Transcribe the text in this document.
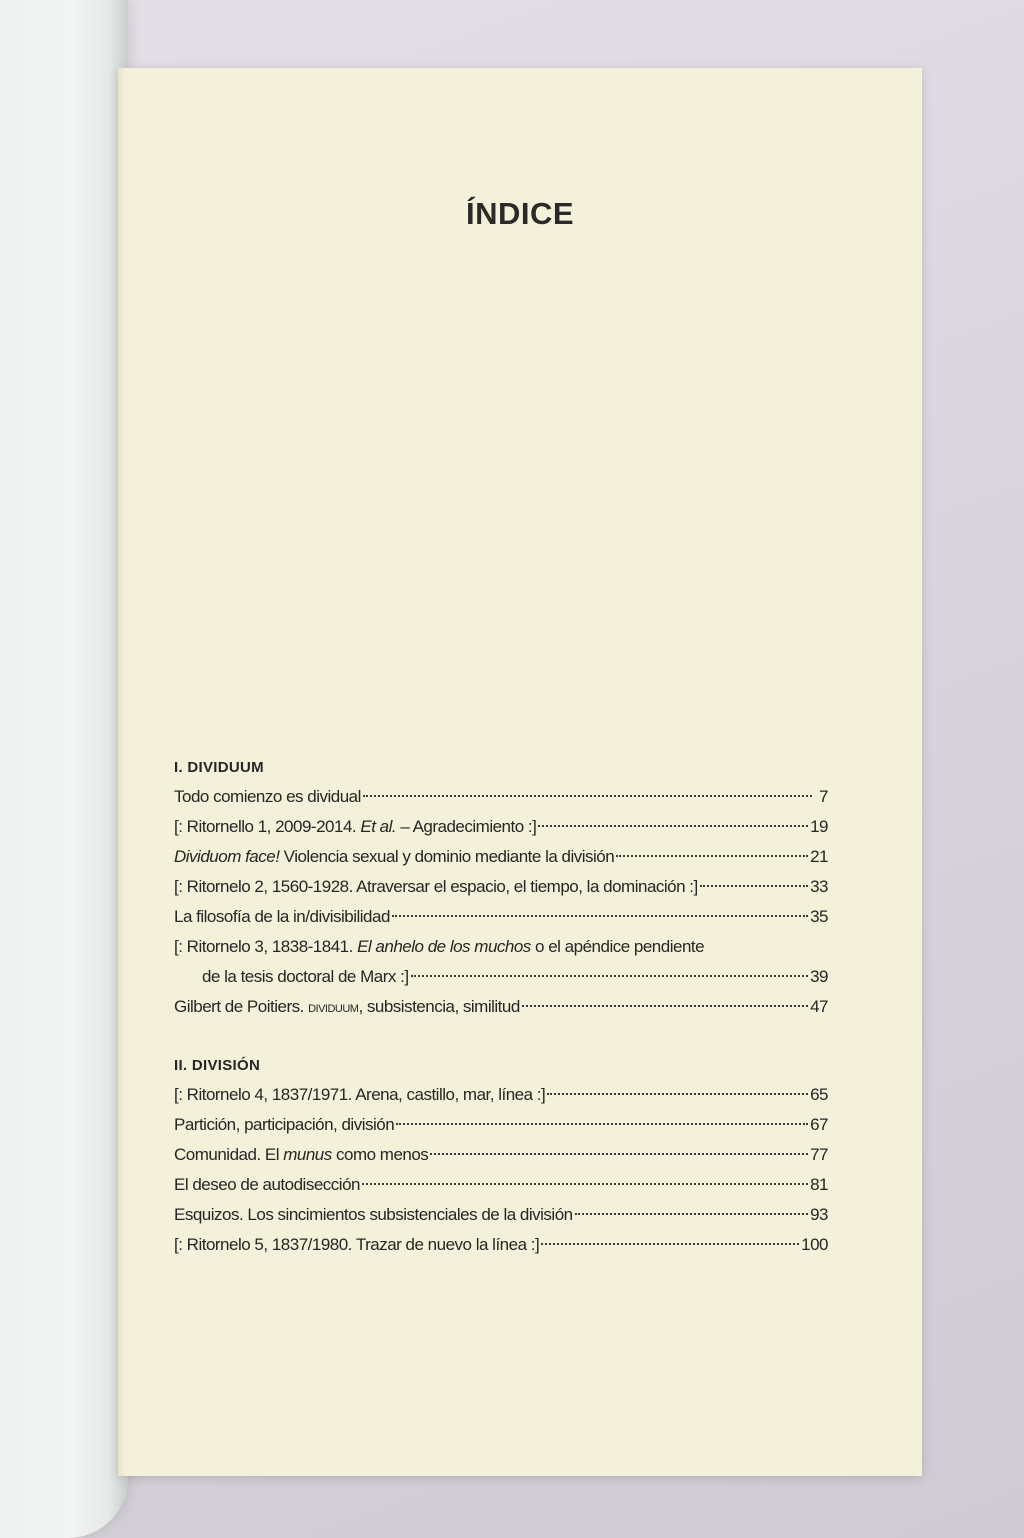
ÍNDICE
I. DIVIDUUM
Todo comienzo es dividual	7
[: Ritornello 1, 2009-2014. Et al. – Agradecimiento :]	19
Dividuom face! Violencia sexual y dominio mediante la división	21
[: Ritornelo 2, 1560-1928. Atraversar el espacio, el tiempo, la dominación :]	33
La filosofía de la in/divisibilidad	35
[: Ritornelo 3, 1838-1841. El anhelo de los muchos o el apéndice pendiente
de la tesis doctoral de Marx :]	39
Gilbert de Poitiers. dividuum, subsistencia, similitud	47
II. DIVISIÓN
[: Ritornelo 4, 1837/1971. Arena, castillo, mar, línea :]	65
Partición, participación, división	67
Comunidad. El munus como menos	77
El deseo de autodisección	81
Esquizos. Los sincimientos subsistenciales de la división	93
[: Ritornelo 5, 1837/1980. Trazar de nuevo la línea :]	100
